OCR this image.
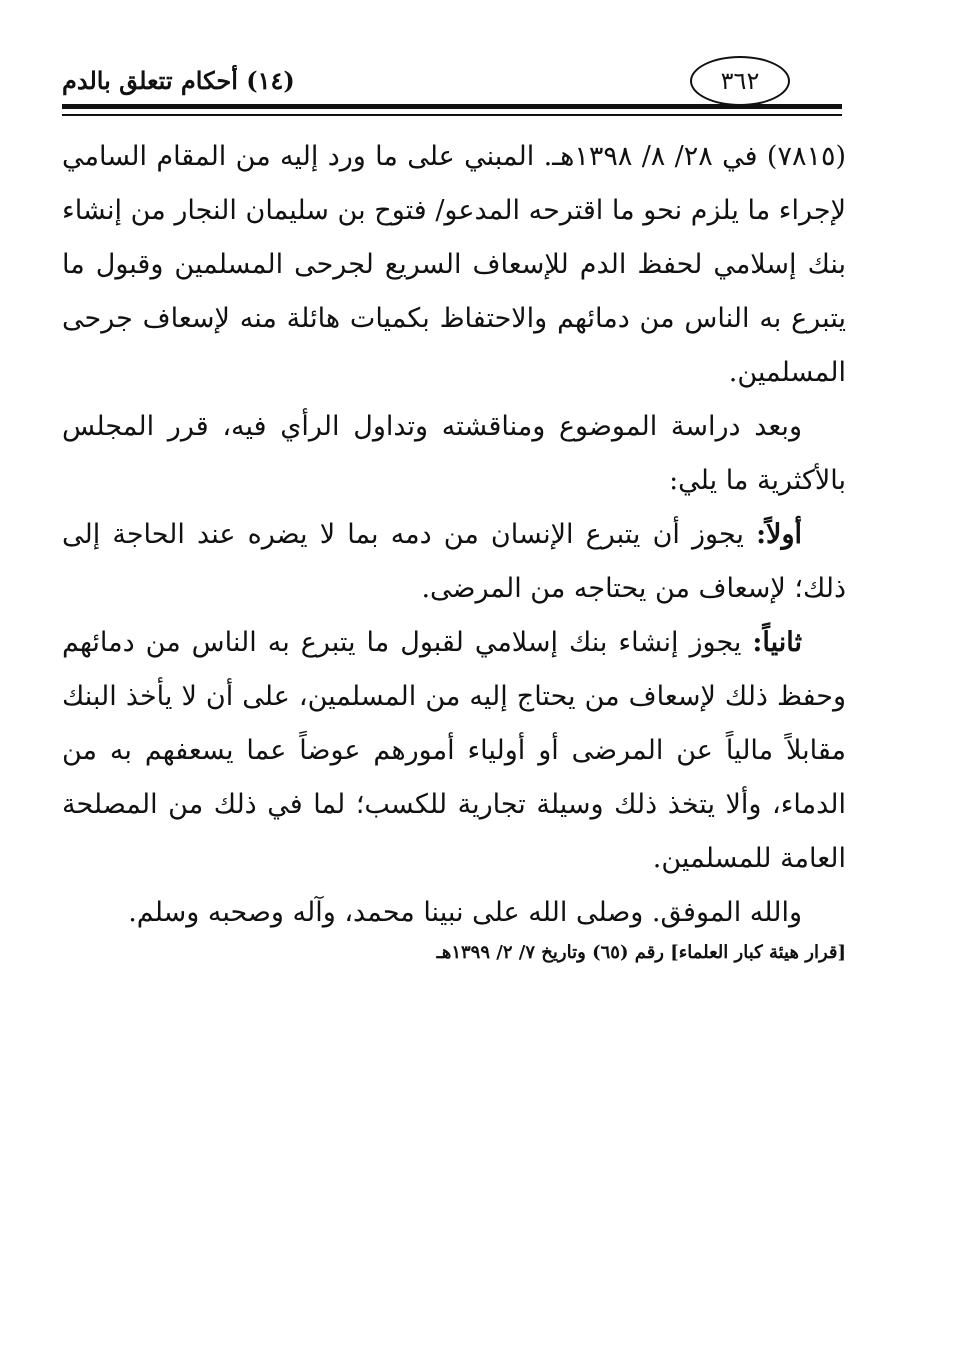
(١٤) أحكام تتعلق بالدم	٣٦٢

(٧٨١٥) في ٢٨/ ٨/ ١٣٩٨هـ. المبني على ما ورد إليه من المقام السامي لإجراء ما يلزم نحو ما اقترحه المدعو/ فتوح بن سليمان النجار من إنشاء بنك إسلامي لحفظ الدم للإسعاف السريع لجرحى المسلمين وقبول ما يتبرع به الناس من دمائهم والاحتفاظ بكميات هائلة منه لإسعاف جرحى المسلمين.

وبعد دراسة الموضوع ومناقشته وتداول الرأي فيه، قرر المجلس بالأكثرية ما يلي:

أولاً: يجوز أن يتبرع الإنسان من دمه بما لا يضره عند الحاجة إلى ذلك؛ لإسعاف من يحتاجه من المرضى.

ثانياً: يجوز إنشاء بنك إسلامي لقبول ما يتبرع به الناس من دمائهم وحفظ ذلك لإسعاف من يحتاج إليه من المسلمين، على أن لا يأخذ البنك مقابلاً مالياً عن المرضى أو أولياء أمورهم عوضاً عما يسعفهم به من الدماء، وألا يتخذ ذلك وسيلة تجارية للكسب؛ لما في ذلك من المصلحة العامة للمسلمين.

والله الموفق. وصلى الله على نبينا محمد، وآله وصحبه وسلم.

[قرار هيئة كبار العلماء] رقم (٦٥) وتاريخ ٧/ ٢/ ١٣٩٩هـ
